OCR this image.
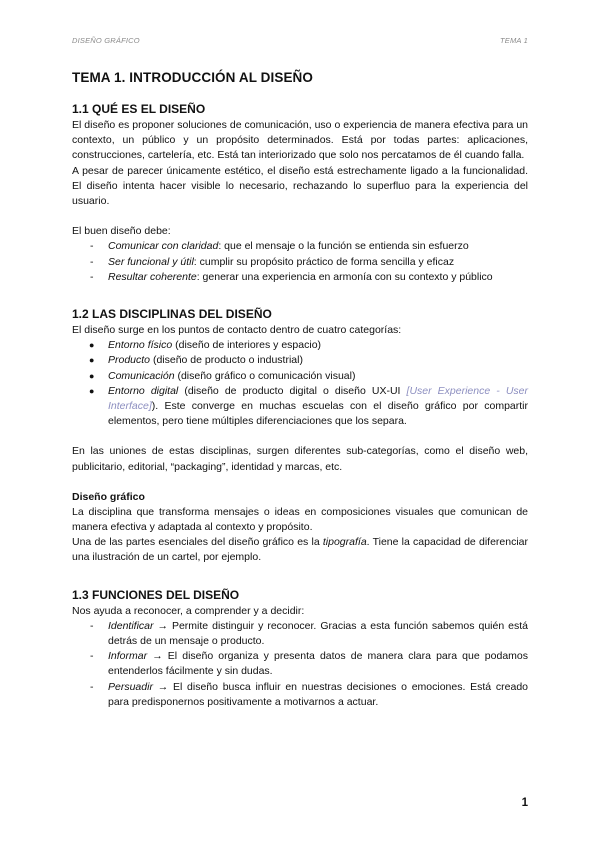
DISEÑO GRÁFICO	TEMA 1
TEMA 1. INTRODUCCIÓN AL DISEÑO
1.1 QUÉ ES EL DISEÑO

El diseño es proponer soluciones de comunicación, uso o experiencia de manera efectiva para un contexto, un público y un propósito determinados. Está por todas partes: aplicaciones, construcciones, cartelería, etc. Está tan interiorizado que solo nos percatamos de él cuando falla.

A pesar de parecer únicamente estético, el diseño está estrechamente ligado a la funcionalidad. El diseño intenta hacer visible lo necesario, rechazando lo superfluo para la experiencia del usuario.

El buen diseño debe:

- Comunicar con claridad: que el mensaje o la función se entienda sin esfuerzo
- Ser funcional y útil: cumplir su propósito práctico de forma sencilla y eficaz
- Resultar coherente: generar una experiencia en armonía con su contexto y público
1.2 LAS DISCIPLINAS DEL DISEÑO

El diseño surge en los puntos de contacto dentro de cuatro categorías:

● Entorno físico (diseño de interiores y espacio)
● Producto (diseño de producto o industrial)
● Comunicación (diseño gráfico o comunicación visual)
● Entorno digital (diseño de producto digital o diseño UX-UI [User Experience - User Interface]). Este converge en muchas escuelas con el diseño gráfico por compartir elementos, pero tiene múltiples diferenciaciones que los separa.

En las uniones de estas disciplinas, surgen diferentes sub-categorías, como el diseño web, publicitario, editorial, “packaging”, identidad y marcas, etc.

Diseño gráfico

La disciplina que transforma mensajes o ideas en composiciones visuales que comunican de manera efectiva y adaptada al contexto y propósito.

Una de las partes esenciales del diseño gráfico es la tipografía. Tiene la capacidad de diferenciar una ilustración de un cartel, por ejemplo.

1.3 FUNCIONES DEL DISEÑO

Nos ayuda a reconocer, a comprender y a decidir:

- Identificar → Permite distinguir y reconocer. Gracias a esta función sabemos quién está detrás de un mensaje o producto.
- Informar → El diseño organiza y presenta datos de manera clara para que podamos entenderlos fácilmente y sin dudas.
- Persuadir → El diseño busca influir en nuestras decisiones o emociones. Está creado para predisponernos positivamente a motivarnos a actuar.
1
